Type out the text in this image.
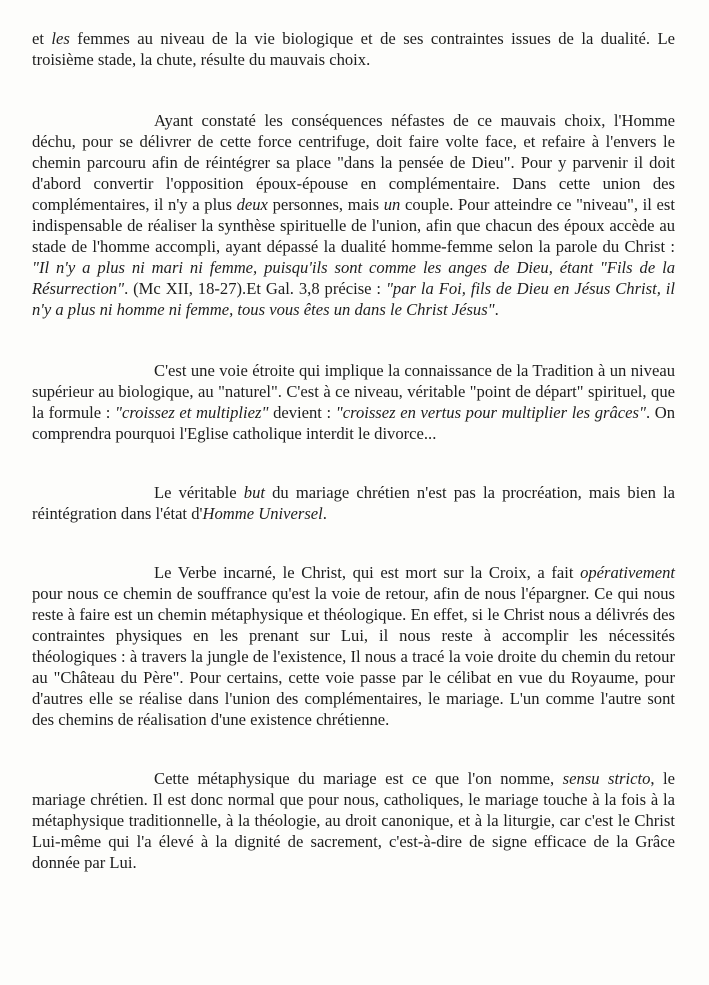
et les femmes au niveau de la vie biologique et de ses contraintes issues de la dualité. Le troisième stade, la chute, résulte du mauvais choix.

Ayant constaté les conséquences néfastes de ce mauvais choix, l'Homme déchu, pour se délivrer de cette force centrifuge, doit faire volte face, et refaire à l'envers le chemin parcouru afin de réintégrer sa place "dans la pensée de Dieu". Pour y parvenir il doit d'abord convertir l'opposition époux-épouse en complémentaire. Dans cette union des complémentaires, il n'y a plus deux personnes, mais un couple. Pour atteindre ce "niveau", il est indispensable de réaliser la synthèse spirituelle de l'union, afin que chacun des époux accède au stade de l'homme accompli, ayant dépassé la dualité homme-femme selon la parole du Christ : "Il n'y a plus ni mari ni femme, puisqu'ils sont comme les anges de Dieu, étant "Fils de la Résurrection". (Mc XII, 18-27).Et Gal. 3,8 précise : "par la Foi, fils de Dieu en Jésus Christ, il n'y a plus ni homme ni femme, tous vous êtes un dans le Christ Jésus".

C'est une voie étroite qui implique la connaissance de la Tradition à un niveau supérieur au biologique, au "naturel". C'est à ce niveau, véritable "point de départ" spirituel, que la formule : "croissez et multipliez" devient : "croissez en vertus pour multiplier les grâces". On comprendra pourquoi l'Eglise catholique interdit le divorce...

Le véritable but du mariage chrétien n'est pas la procréation, mais bien la réintégration dans l'état d'Homme Universel.

Le Verbe incarné, le Christ, qui est mort sur la Croix, a fait opérativement pour nous ce chemin de souffrance qu'est la voie de retour, afin de nous l'épargner. Ce qui nous reste à faire est un chemin métaphysique et théologique. En effet, si le Christ nous a délivrés des contraintes physiques en les prenant sur Lui, il nous reste à accomplir les nécessités théologiques : à travers la jungle de l'existence, Il nous a tracé la voie droite du chemin du retour au "Château du Père". Pour certains, cette voie passe par le célibat en vue du Royaume, pour d'autres elle se réalise dans l'union des complémentaires, le mariage. L'un comme l'autre sont des chemins de réalisation d'une existence chrétienne.

Cette métaphysique du mariage est ce que l'on nomme, sensu stricto, le mariage chrétien. Il est donc normal que pour nous, catholiques, le mariage touche à la fois à la métaphysique traditionnelle, à la théologie, au droit canonique, et à la liturgie, car c'est le Christ Lui-même qui l'a élevé à la dignité de sacrement, c'est-à-dire de signe efficace de la Grâce donnée par Lui.
